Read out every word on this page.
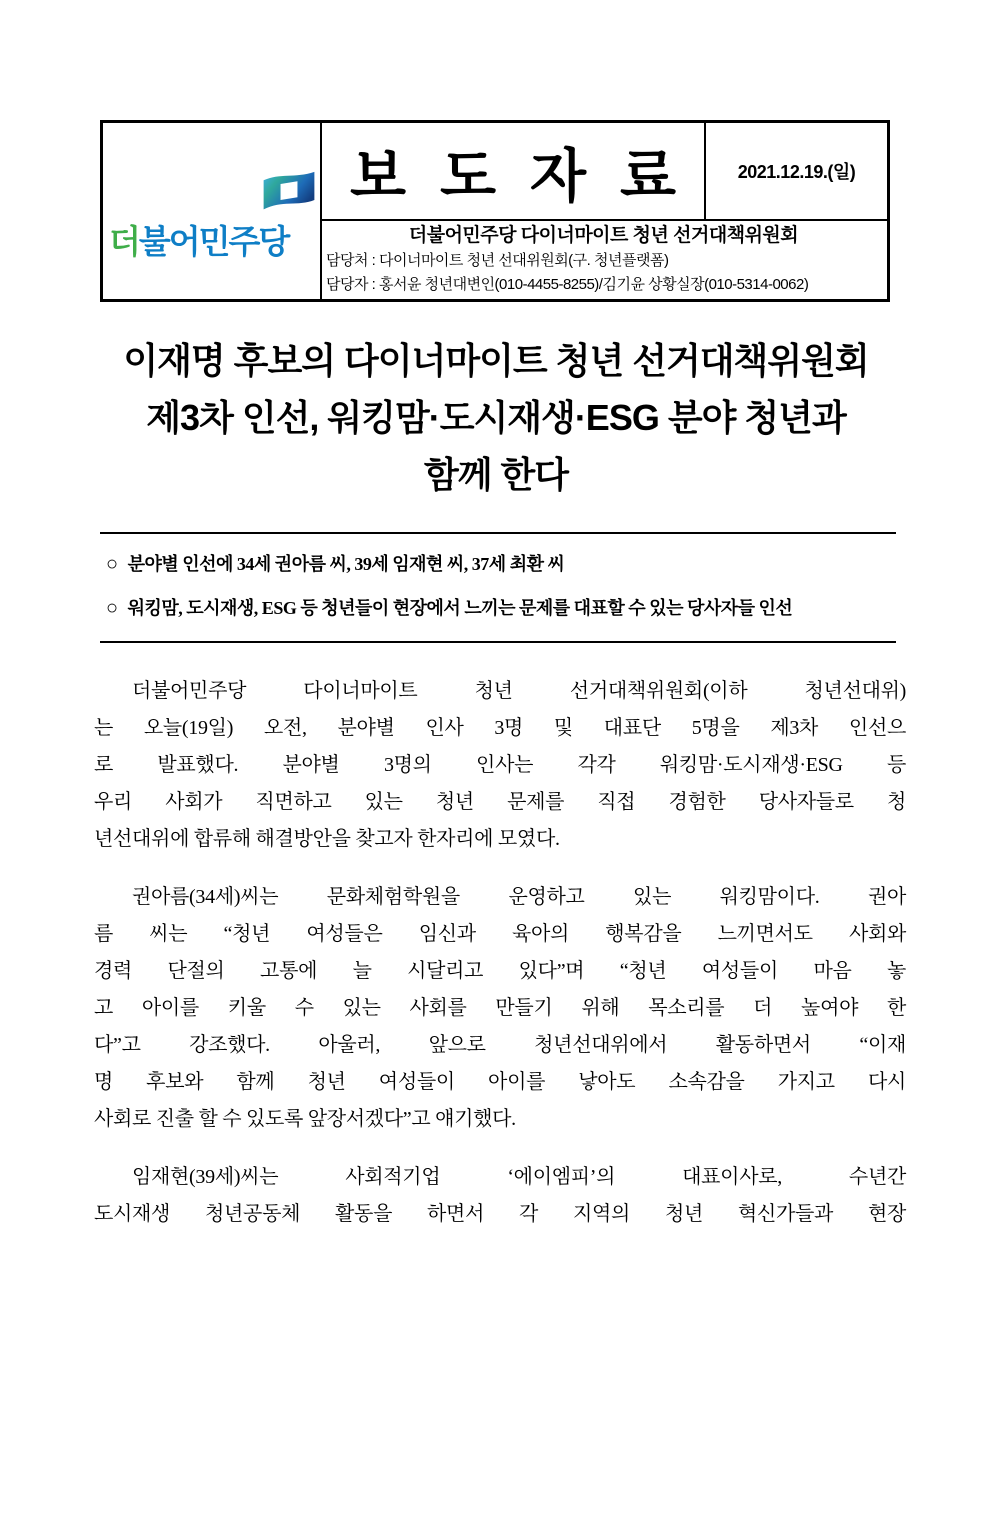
더불어민주당
보도자료	2021.12.19.(일)
더불어민주당 다이너마이트 청년 선거대책위원회
담당처 : 다이너마이트 청년 선대위원회(구. 청년플랫폼)
담당자 : 홍서윤 청년대변인(010-4455-8255)/김기윤 상황실장(010-5314-0062)
이재명 후보의 다이너마이트 청년 선거대책위원회
제3차 인선, 워킹맘·도시재생·ESG 분야 청년과
함께 한다
○ 분야별 인선에 34세 권아름 씨, 39세 임재현 씨, 37세 최환 씨
○ 워킹맘, 도시재생, ESG 등 청년들이 현장에서 느끼는 문제를 대표할 수 있는 당사자들 인선
더불어민주당 다이너마이트 청년 선거대책위원회(이하 청년선대위)
는 오늘(19일) 오전, 분야별 인사 3명 및 대표단 5명을 제3차 인선으
로 발표했다. 분야별 3명의 인사는 각각 워킹맘·도시재생·ESG 등
우리 사회가 직면하고 있는 청년 문제를 직접 경험한 당사자들로 청
년선대위에 합류해 해결방안을 찾고자 한자리에 모였다.
권아름(34세)씨는 문화체험학원을 운영하고 있는 워킹맘이다. 권아
름 씨는 “청년 여성들은 임신과 육아의 행복감을 느끼면서도 사회와
경력 단절의 고통에 늘 시달리고 있다”며 “청년 여성들이 마음 놓
고 아이를 키울 수 있는 사회를 만들기 위해 목소리를 더 높여야 한
다”고 강조했다. 아울러, 앞으로 청년선대위에서 활동하면서 “이재
명 후보와 함께 청년 여성들이 아이를 낳아도 소속감을 가지고 다시
사회로 진출 할 수 있도록 앞장서겠다”고 얘기했다.
임재현(39세)씨는 사회적기업 ‘에이엠피’의 대표이사로, 수년간
도시재생 청년공동체 활동을 하면서 각 지역의 청년 혁신가들과 현장
